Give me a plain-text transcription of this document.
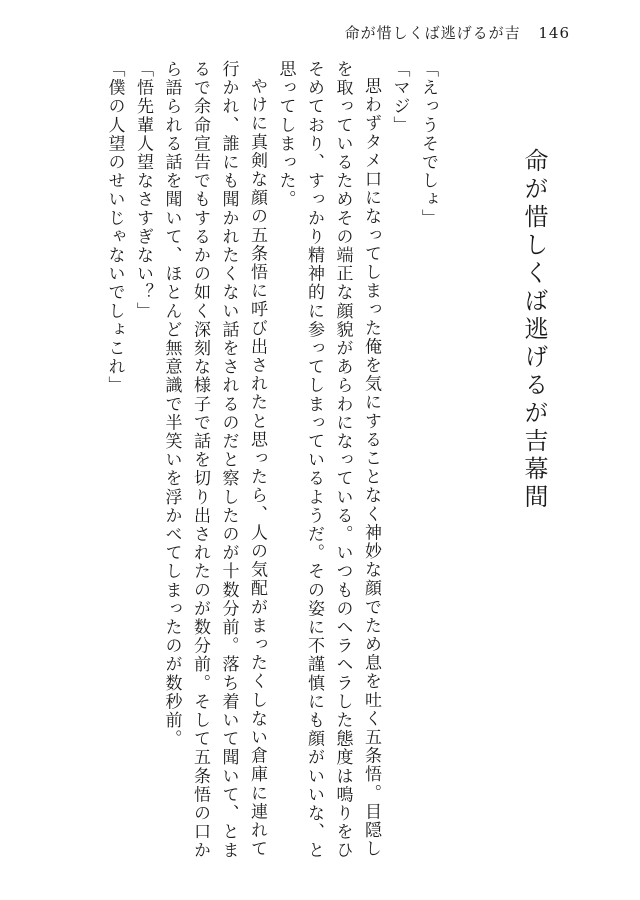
命が惜しくば逃げるが吉 146
命が惜しくば逃げるが吉幕間

「えっうそでしょ」

「マジ」

思わずタメ口になってしまった俺を気にすることなく神妙な顔でため息を吐く五条悟。目隠しを取っているためその端正な顔貌があらわになっている。いつものヘラヘラした態度は鳴りをひそめており、すっかり精神的に参ってしまっているようだ。その姿に不謹慎にも顔がいいな、と思ってしまった。

やけに真剣な顔の五条悟に呼び出されたと思ったら、人の気配がまったくしない倉庫に連れて行かれ、誰にも聞かれたくない話をされるのだと察したのが十数分前。落ち着いて聞いて、とまるで余命宣告でもするかの如く深刻な様子で話を切り出されたのが数分前。そして五条悟の口から語られる話を聞いて、ほとんど無意識で半笑いを浮かべてしまったのが数秒前。

「悟先輩人望なさすぎない？」

「僕の人望のせいじゃないでしょこれ」
